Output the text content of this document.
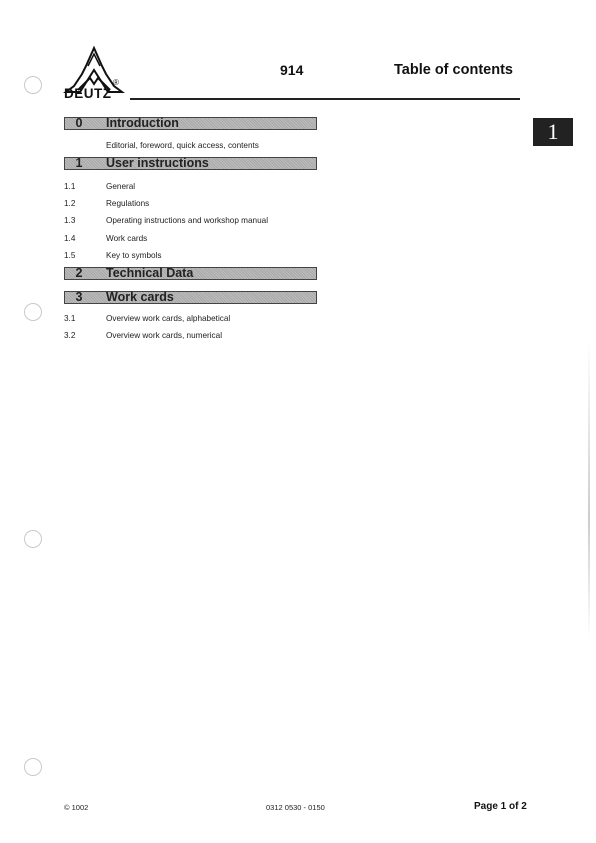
DEUTZ
®
914	Table of contents
1
0	Introduction
Editorial, foreword, quick access, contents
1	User instructions
1.1	General
1.2	Regulations
1.3	Operating instructions and workshop manual
1.4	Work cards
1.5	Key to symbols
2	Technical Data
3	Work cards
3.1	Overview work cards, alphabetical
3.2	Overview work cards, numerical
© 1002	0312 0530 - 0150	Page 1 of 2
